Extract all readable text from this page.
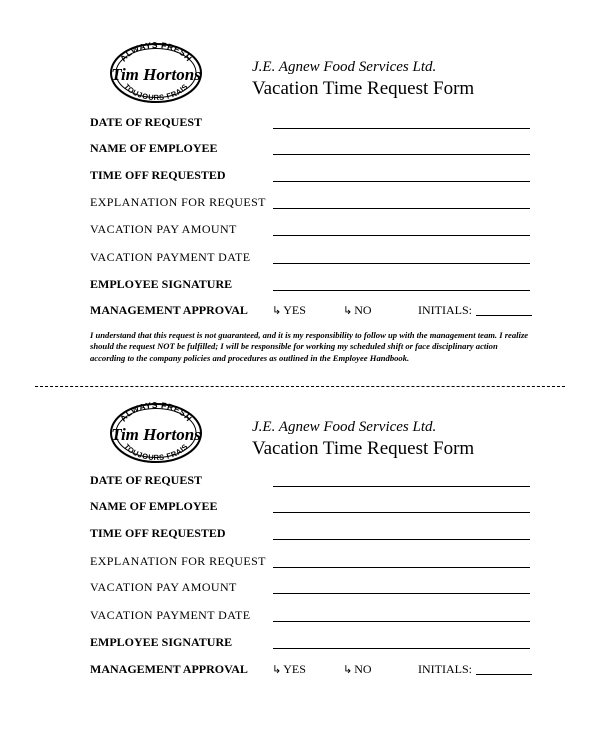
ALWAYS FRESH
Tim Hortons
TOUJOURS FRAIS
J.E. Agnew Food Services Ltd.
Vacation Time Request Form
DATE OF REQUEST
NAME OF EMPLOYEE
TIME OFF REQUESTED
EXPLANATION FOR REQUEST
VACATION PAY AMOUNT
VACATION PAYMENT DATE
EMPLOYEE SIGNATURE
MANAGEMENT APPROVAL ↳ YES	↳ NO	INITIALS:
I understand that this request is not guaranteed, and it is my responsibility to follow up with the management team. I realize should the request NOT be fulfilled; I will be responsible for working my scheduled shift or face disciplinary action according to the company policies and procedures as outlined in the Employee Handbook.
ALWAYS FRESH
Tim Hortons
TOUJOURS FRAIS
J.E. Agnew Food Services Ltd.
Vacation Time Request Form
DATE OF REQUEST
NAME OF EMPLOYEE
TIME OFF REQUESTED
EXPLANATION FOR REQUEST
VACATION PAY AMOUNT
VACATION PAYMENT DATE
EMPLOYEE SIGNATURE
MANAGEMENT APPROVAL ↳ YES	↳ NO	INITIALS:
